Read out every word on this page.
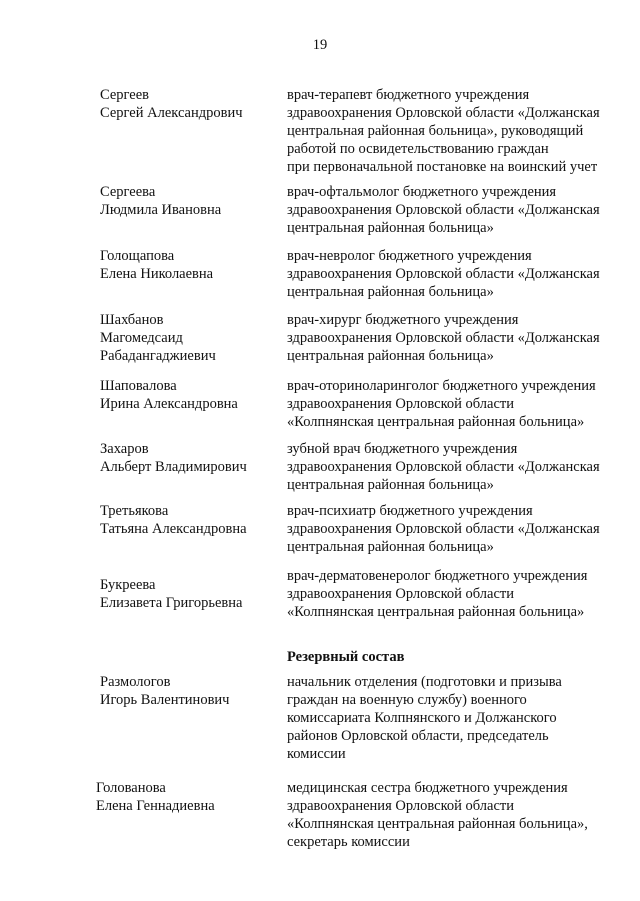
19
Сергеев
Сергей Александрович
врач-терапевт бюджетного учреждения
здравоохранения Орловской области «Должанская
центральная районная больница», руководящий
работой по освидетельствованию граждан
при первоначальной постановке на воинский учет
Сергеева
Людмила Ивановна
врач-офтальмолог бюджетного учреждения
здравоохранения Орловской области «Должанская
центральная районная больница»
Голощапова
Елена Николаевна
врач-невролог бюджетного учреждения
здравоохранения Орловской области «Должанская
центральная районная больница»
Шахбанов
Магомедсаид
Рабадангаджиевич
врач-хирург бюджетного учреждения
здравоохранения Орловской области «Должанская
центральная районная больница»
Шаповалова
Ирина Александровна
врач-оториноларинголог бюджетного учреждения
здравоохранения Орловской области
«Колпнянская центральная районная больница»
Захаров
Альберт Владимирович
зубной врач бюджетного учреждения
здравоохранения Орловской области «Должанская
центральная районная больница»
Третьякова
Татьяна Александровна
врач-психиатр бюджетного учреждения
здравоохранения Орловской области «Должанская
центральная районная больница»
Букреева
Елизавета Григорьевна
врач-дерматовенеролог бюджетного учреждения
здравоохранения Орловской области
«Колпнянская центральная районная больница»
Резервный состав
Размологов
Игорь Валентинович
начальник отделения (подготовки и призыва
граждан на военную службу) военного
комиссариата Колпнянского и Должанского
районов Орловской области, председатель
комиссии
Голованова
Елена Геннадиевна
медицинская сестра бюджетного учреждения
здравоохранения Орловской области
«Колпнянская центральная районная больница»,
секретарь комиссии
